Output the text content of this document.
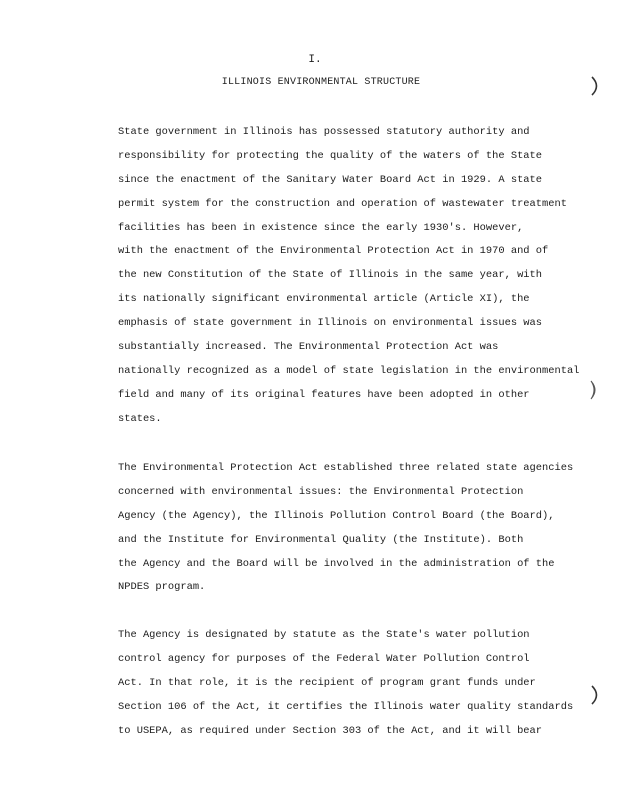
I.
ILLINOIS ENVIRONMENTAL STRUCTURE
State government in Illinois has possessed statutory authority and
responsibility for protecting the quality of the waters of the State
since the enactment of the Sanitary Water Board Act in 1929. A state
permit system for the construction and operation of wastewater treatment
facilities has been in existence since the early 1930's. However,
with the enactment of the Environmental Protection Act in 1970 and of
the new Constitution of the State of Illinois in the same year, with
its nationally significant environmental article (Article XI), the
emphasis of state government in Illinois on environmental issues was
substantially increased. The Environmental Protection Act was
nationally recognized as a model of state legislation in the environmental
field and many of its original features have been adopted in other
states.
The Environmental Protection Act established three related state agencies
concerned with environmental issues: the Environmental Protection
Agency (the Agency), the Illinois Pollution Control Board (the Board),
and the Institute for Environmental Quality (the Institute). Both
the Agency and the Board will be involved in the administration of the
NPDES program.
The Agency is designated by statute as the State's water pollution
control agency for purposes of the Federal Water Pollution Control
Act. In that role, it is the recipient of program grant funds under
Section 106 of the Act, it certifies the Illinois water quality standards
to USEPA, as required under Section 303 of the Act, and it will bear
